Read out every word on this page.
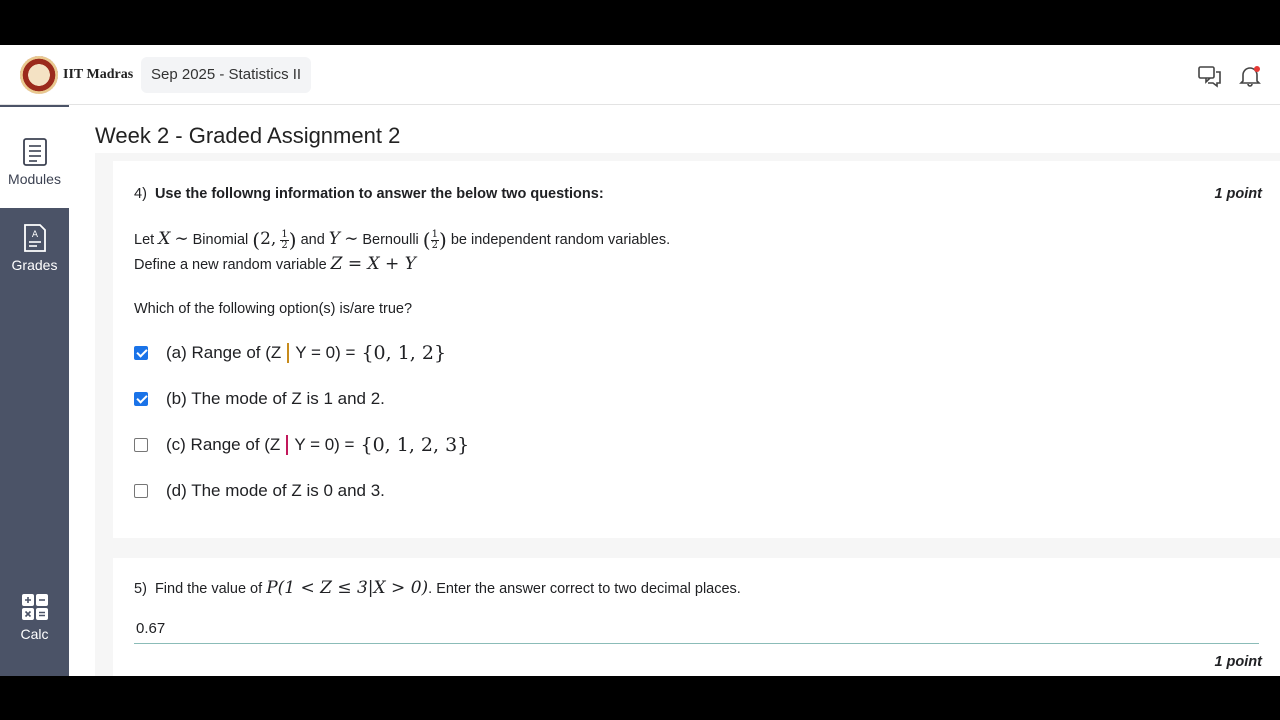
IIT Madras	Sep 2025 - Statistics II
Modules
A
Grades
Calc
Week 2 - Graded Assignment 2
4) Use the followng information to answer the below two questions:	1 point
Let X ∼ Binomial (2, $\frac{1}{2}$ ) and Y ∼ Bernoulli ( $\frac{1}{2}$ ) be independent random variables.
Define a new random variable Z = X + Y
Which of the following option(s) is/are true?
(a) Range of (Z Y = 0) = {0, 1, 2}
(b) The mode of Z is 1 and 2.
(c) Range of (Z Y = 0) = {0, 1, 2, 3}
(d) The mode of Z is 0 and 3.
5) Find the value of P(1 < Z ≤ 3|X > 0). Enter the answer correct to two decimal places.
0.67
1 point
